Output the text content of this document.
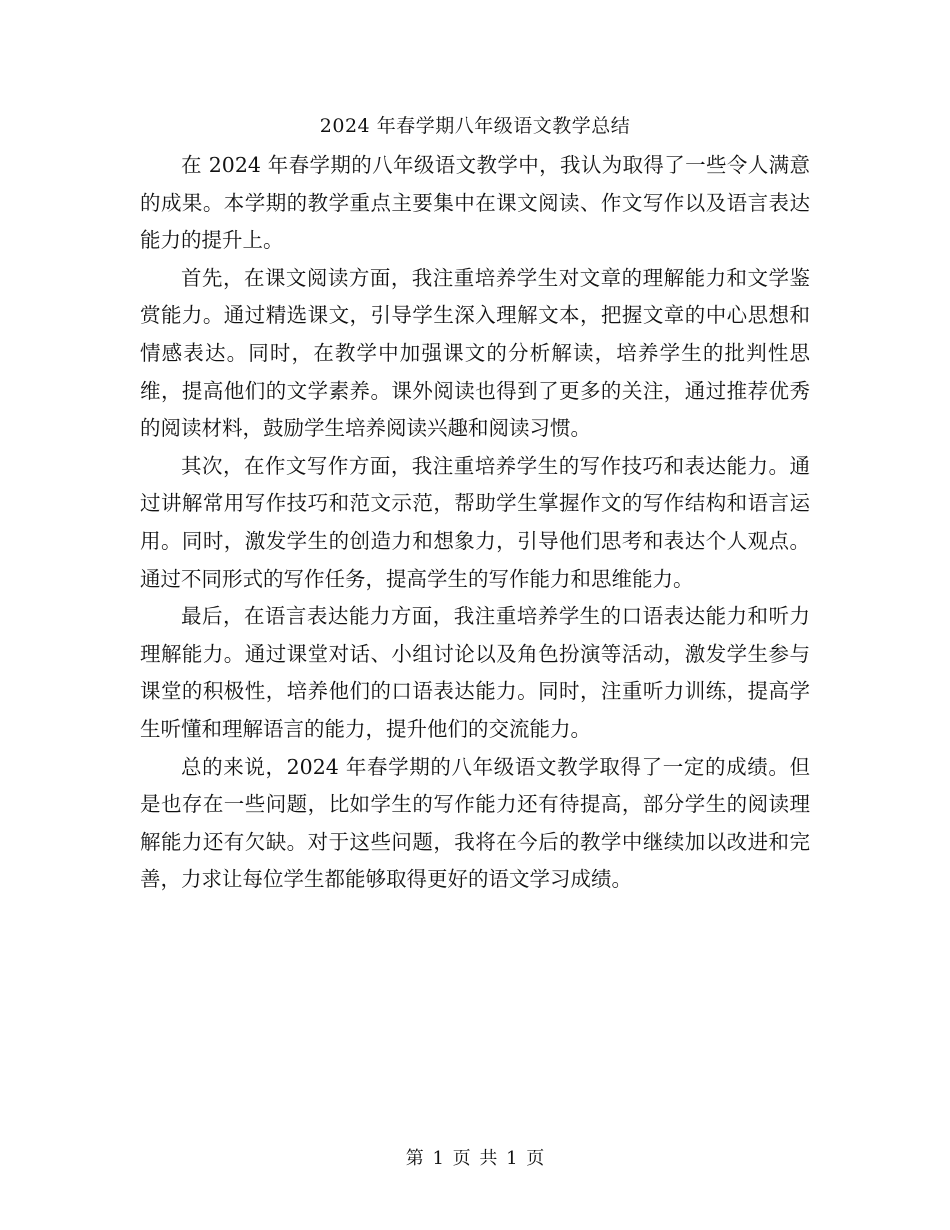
2024 年春学期八年级语文教学总结

在 2024 年春学期的八年级语文教学中，我认为取得了一些令人满意的成果。本学期的教学重点主要集中在课文阅读、作文写作以及语言表达能力的提升上。

首先，在课文阅读方面，我注重培养学生对文章的理解能力和文学鉴赏能力。通过精选课文，引导学生深入理解文本，把握文章的中心思想和情感表达。同时，在教学中加强课文的分析解读，培养学生的批判性思维，提高他们的文学素养。课外阅读也得到了更多的关注，通过推荐优秀的阅读材料，鼓励学生培养阅读兴趣和阅读习惯。

其次，在作文写作方面，我注重培养学生的写作技巧和表达能力。通过讲解常用写作技巧和范文示范，帮助学生掌握作文的写作结构和语言运用。同时，激发学生的创造力和想象力，引导他们思考和表达个人观点。通过不同形式的写作任务，提高学生的写作能力和思维能力。

最后，在语言表达能力方面，我注重培养学生的口语表达能力和听力理解能力。通过课堂对话、小组讨论以及角色扮演等活动，激发学生参与课堂的积极性，培养他们的口语表达能力。同时，注重听力训练，提高学生听懂和理解语言的能力，提升他们的交流能力。

总的来说，2024 年春学期的八年级语文教学取得了一定的成绩。但是也存在一些问题，比如学生的写作能力还有待提高，部分学生的阅读理解能力还有欠缺。对于这些问题，我将在今后的教学中继续加以改进和完善，力求让每位学生都能够取得更好的语文学习成绩。

第 1 页 共 1 页
